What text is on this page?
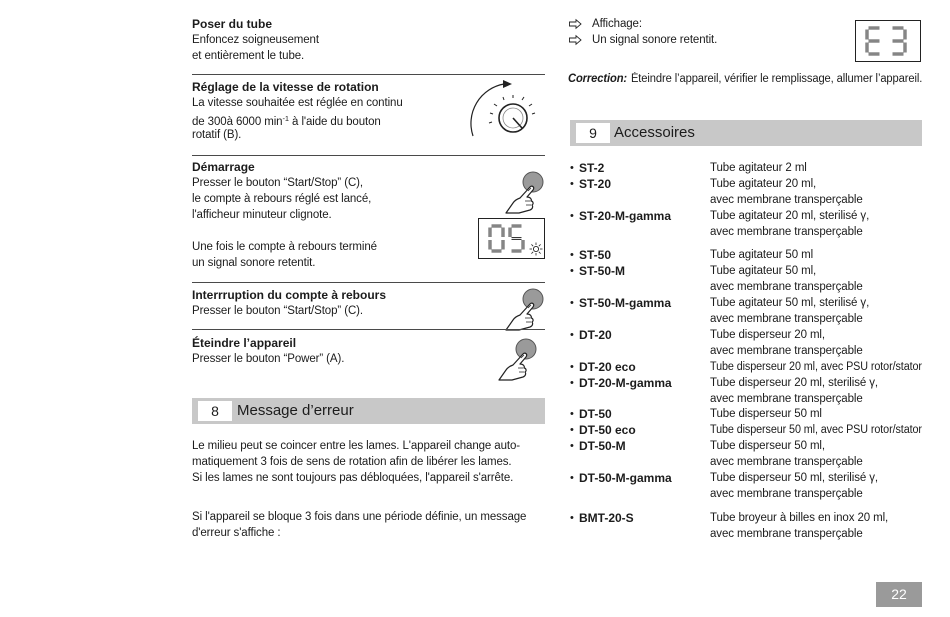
Poser du tube
Enfoncez soigneusement
et entièrement le tube.
Réglage de la vitesse de rotation
La vitesse souhaitée est réglée en continu
de 300à 6000 $\min^{-1}$ à l'aide du bouton
rotatif (B).
Démarrage
Presser le bouton “Start/Stop” (C),
le compte à rebours réglé est lancé,
l'afficheur minuteur clignote.
Une fois le compte à rebours terminé
un signal sonore retentit.
Interrruption du compte à rebours
Presser le bouton “Start/Stop” (C).
Éteindre l’appareil
Presser le bouton “Power” (A).
8	Message d’erreur
Le milieu peut se coincer entre les lames. L'appareil change auto-
matiquement 3 fois de sens de rotation afin de libérer les lames.
Si les lames ne sont toujours pas débloquées, l'appareil s'arrête.
Si l'appareil se bloque 3 fois dans une période définie, un message
d'erreur s'affiche :
Affichage:
Un signal sonore retentit.
Correction: Éteindre l’appareil, vérifier le remplissage, allumer l’appareil.
9	Accessoires
•
ST-2	Tube agitateur 2 ml
•
ST-20	Tube agitateur 20 ml,
avec membrane transperçable
•
ST-20-M-gamma	Tube agitateur 20 ml, sterilisé γ,
avec membrane transperçable
•
ST-50	Tube agitateur 50 ml
•
ST-50-M	Tube agitateur 50 ml,
avec membrane transperçable
•
ST-50-M-gamma	Tube agitateur 50 ml, sterilisé γ,
avec membrane transperçable
•
DT-20	Tube disperseur 20 ml,
avec membrane transperçable
•
DT-20 eco	Tube disperseur 20 ml, avec PSU rotor/stator
•
DT-20-M-gamma	Tube disperseur 20 ml, sterilisé γ,
avec membrane transperçable
•
DT-50	Tube disperseur 50 ml
•
DT-50 eco	Tube disperseur 50 ml, avec PSU rotor/stator
•
DT-50-M	Tube disperseur 50 ml,
avec membrane transperçable
•
DT-50-M-gamma	Tube disperseur 50 ml, sterilisé γ,
avec membrane transperçable
•
BMT-20-S	Tube broyeur à billes en inox 20 ml,
avec membrane transperçable
22
